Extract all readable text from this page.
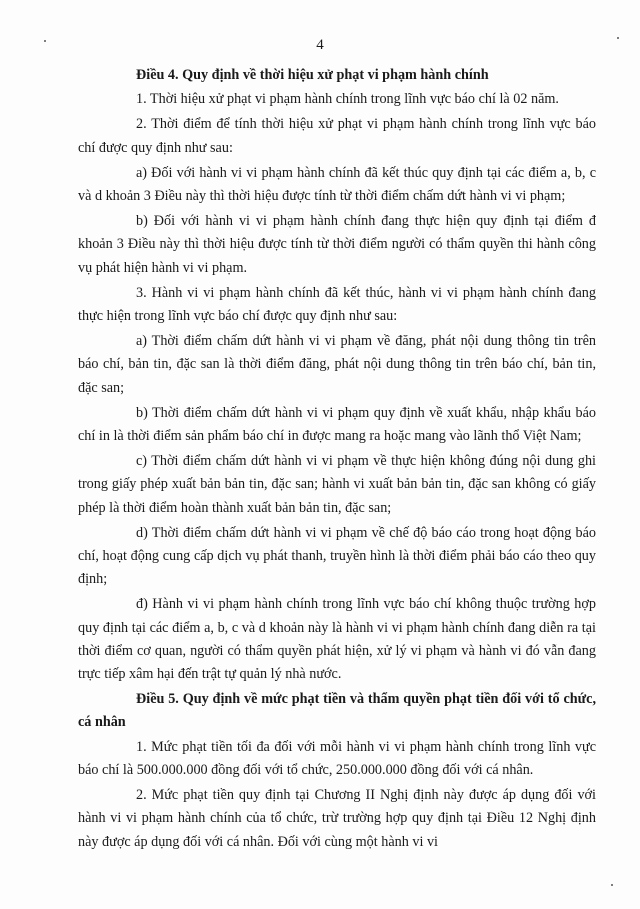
4

Điều 4. Quy định về thời hiệu xử phạt vi phạm hành chính

1. Thời hiệu xử phạt vi phạm hành chính trong lĩnh vực báo chí là 02 năm.

2. Thời điểm để tính thời hiệu xử phạt vi phạm hành chính trong lĩnh vực báo chí được quy định như sau:

a) Đối với hành vi vi phạm hành chính đã kết thúc quy định tại các điểm a, b, c và d khoản 3 Điều này thì thời hiệu được tính từ thời điểm chấm dứt hành vi vi phạm;

b) Đối với hành vi vi phạm hành chính đang thực hiện quy định tại điểm đ khoản 3 Điều này thì thời hiệu được tính từ thời điểm người có thẩm quyền thi hành công vụ phát hiện hành vi vi phạm.

3. Hành vi vi phạm hành chính đã kết thúc, hành vi vi phạm hành chính đang thực hiện trong lĩnh vực báo chí được quy định như sau:

a) Thời điểm chấm dứt hành vi vi phạm về đăng, phát nội dung thông tin trên báo chí, bản tin, đặc san là thời điểm đăng, phát nội dung thông tin trên báo chí, bản tin, đặc san;

b) Thời điểm chấm dứt hành vi vi phạm quy định về xuất khẩu, nhập khẩu báo chí in là thời điểm sản phẩm báo chí in được mang ra hoặc mang vào lãnh thổ Việt Nam;

c) Thời điểm chấm dứt hành vi vi phạm về thực hiện không đúng nội dung ghi trong giấy phép xuất bản bản tin, đặc san; hành vi xuất bản bản tin, đặc san không có giấy phép là thời điểm hoàn thành xuất bản bản tin, đặc san;

d) Thời điểm chấm dứt hành vi vi phạm về chế độ báo cáo trong hoạt động báo chí, hoạt động cung cấp dịch vụ phát thanh, truyền hình là thời điểm phải báo cáo theo quy định;

đ) Hành vi vi phạm hành chính trong lĩnh vực báo chí không thuộc trường hợp quy định tại các điểm a, b, c và d khoản này là hành vi vi phạm hành chính đang diễn ra tại thời điểm cơ quan, người có thẩm quyền phát hiện, xử lý vi phạm và hành vi đó vẫn đang trực tiếp xâm hại đến trật tự quản lý nhà nước.

Điều 5. Quy định về mức phạt tiền và thẩm quyền phạt tiền đối với tổ chức, cá nhân

1. Mức phạt tiền tối đa đối với mỗi hành vi vi phạm hành chính trong lĩnh vực báo chí là 500.000.000 đồng đối với tổ chức, 250.000.000 đồng đối với cá nhân.

2. Mức phạt tiền quy định tại Chương II Nghị định này được áp dụng đối với hành vi vi phạm hành chính của tổ chức, trừ trường hợp quy định tại Điều 12 Nghị định này được áp dụng đối với cá nhân. Đối với cùng một hành vi vi
